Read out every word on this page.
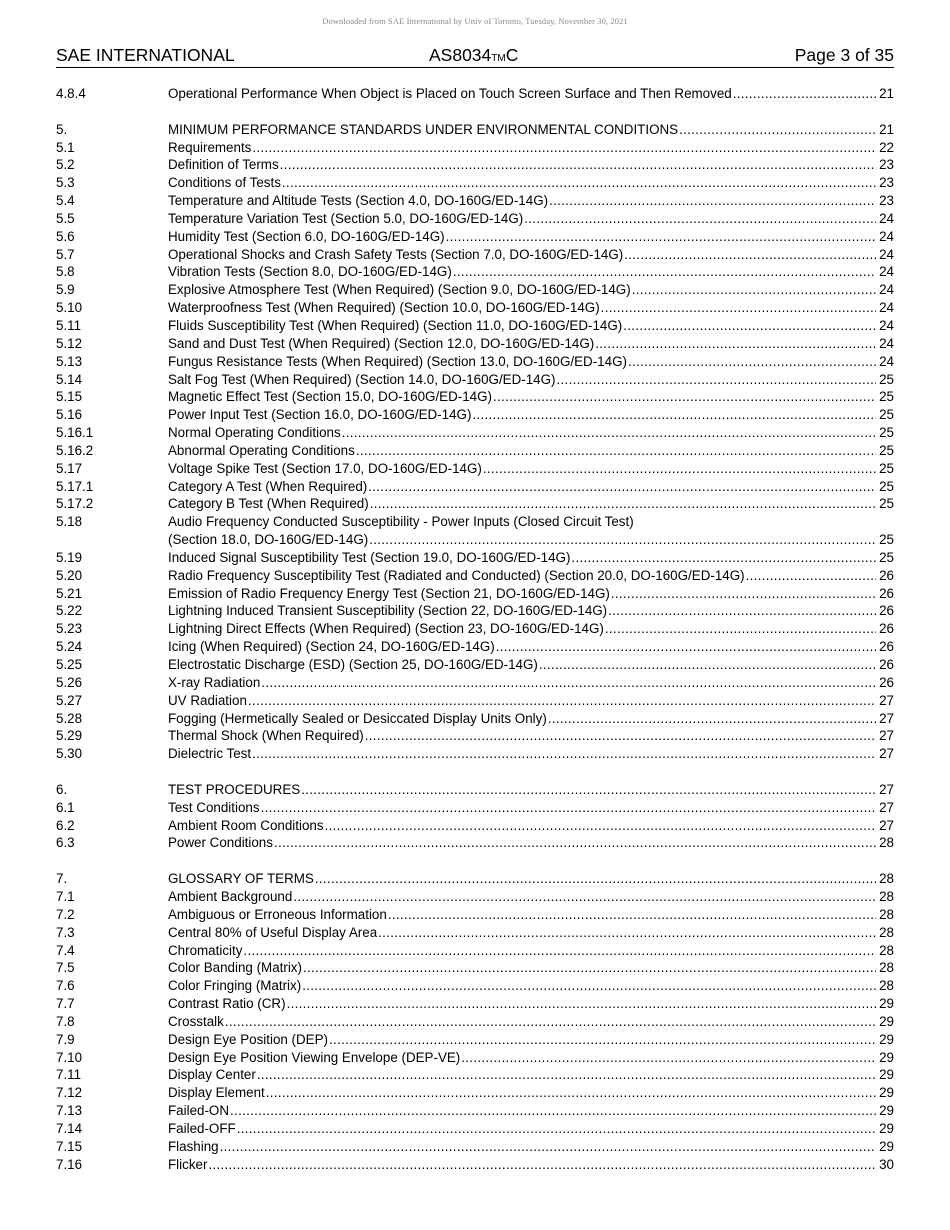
Downloaded from SAE International by Univ of Toronto, Tuesday, November 30, 2021
SAE INTERNATIONAL	AS8034TMC	Page 3 of 35
4.8.4	Operational Performance When Object is Placed on Touch Screen Surface and Then Removed .....	21
5.	MINIMUM PERFORMANCE STANDARDS UNDER ENVIRONMENTAL CONDITIONS .....	21
5.1	Requirements .....	22
5.2	Definition of Terms .....	23
5.3	Conditions of Tests .....	23
5.4	Temperature and Altitude Tests (Section 4.0, DO-160G/ED-14G) .....	23
5.5	Temperature Variation Test (Section 5.0, DO-160G/ED-14G) .....	24
5.6	Humidity Test (Section 6.0, DO-160G/ED-14G) .....	24
5.7	Operational Shocks and Crash Safety Tests (Section 7.0, DO-160G/ED-14G) .....	24
5.8	Vibration Tests (Section 8.0, DO-160G/ED-14G) .....	24
5.9	Explosive Atmosphere Test (When Required) (Section 9.0, DO-160G/ED-14G) .....	24
5.10	Waterproofness Test (When Required) (Section 10.0, DO-160G/ED-14G) .....	24
5.11	Fluids Susceptibility Test (When Required) (Section 11.0, DO-160G/ED-14G) .....	24
5.12	Sand and Dust Test (When Required) (Section 12.0, DO-160G/ED-14G) .....	24
5.13	Fungus Resistance Tests (When Required) (Section 13.0, DO-160G/ED-14G) .....	24
5.14	Salt Fog Test (When Required) (Section 14.0, DO-160G/ED-14G) .....	25
5.15	Magnetic Effect Test (Section 15.0, DO-160G/ED-14G) .....	25
5.16	Power Input Test (Section 16.0, DO-160G/ED-14G) .....	25
5.16.1	Normal Operating Conditions .....	25
5.16.2	Abnormal Operating Conditions .....	25
5.17	Voltage Spike Test (Section 17.0, DO-160G/ED-14G) .....	25
5.17.1	Category A Test (When Required) .....	25
5.17.2	Category B Test (When Required) .....	25
5.18	Audio Frequency Conducted Susceptibility - Power Inputs (Closed Circuit Test)
(Section 18.0, DO-160G/ED-14G) .....	25
5.19	Induced Signal Susceptibility Test (Section 19.0, DO-160G/ED-14G) .....	25
5.20	Radio Frequency Susceptibility Test (Radiated and Conducted) (Section 20.0, DO-160G/ED-14G) .....	26
5.21	Emission of Radio Frequency Energy Test (Section 21, DO-160G/ED-14G) .....	26
5.22	Lightning Induced Transient Susceptibility (Section 22, DO-160G/ED-14G) .....	26
5.23	Lightning Direct Effects (When Required) (Section 23, DO-160G/ED-14G) .....	26
5.24	Icing (When Required) (Section 24, DO-160G/ED-14G) .....	26
5.25	Electrostatic Discharge (ESD) (Section 25, DO-160G/ED-14G) .....	26
5.26	X-ray Radiation .....	26
5.27	UV Radiation .....	27
5.28	Fogging (Hermetically Sealed or Desiccated Display Units Only) .....	27
5.29	Thermal Shock (When Required) .....	27
5.30	Dielectric Test .....	27
6.	TEST PROCEDURES .....	27
6.1	Test Conditions .....	27
6.2	Ambient Room Conditions .....	27
6.3	Power Conditions .....	28
7.	GLOSSARY OF TERMS .....	28
7.1	Ambient Background .....	28
7.2	Ambiguous or Erroneous Information .....	28
7.3	Central 80% of Useful Display Area .....	28
7.4	Chromaticity .....	28
7.5	Color Banding (Matrix) .....	28
7.6	Color Fringing (Matrix) .....	28
7.7	Contrast Ratio (CR) .....	29
7.8	Crosstalk .....	29
7.9	Design Eye Position (DEP) .....	29
7.10	Design Eye Position Viewing Envelope (DEP-VE) .....	29
7.11	Display Center .....	29
7.12	Display Element .....	29
7.13	Failed-ON .....	29
7.14	Failed-OFF .....	29
7.15	Flashing .....	29
7.16	Flicker .....	30
